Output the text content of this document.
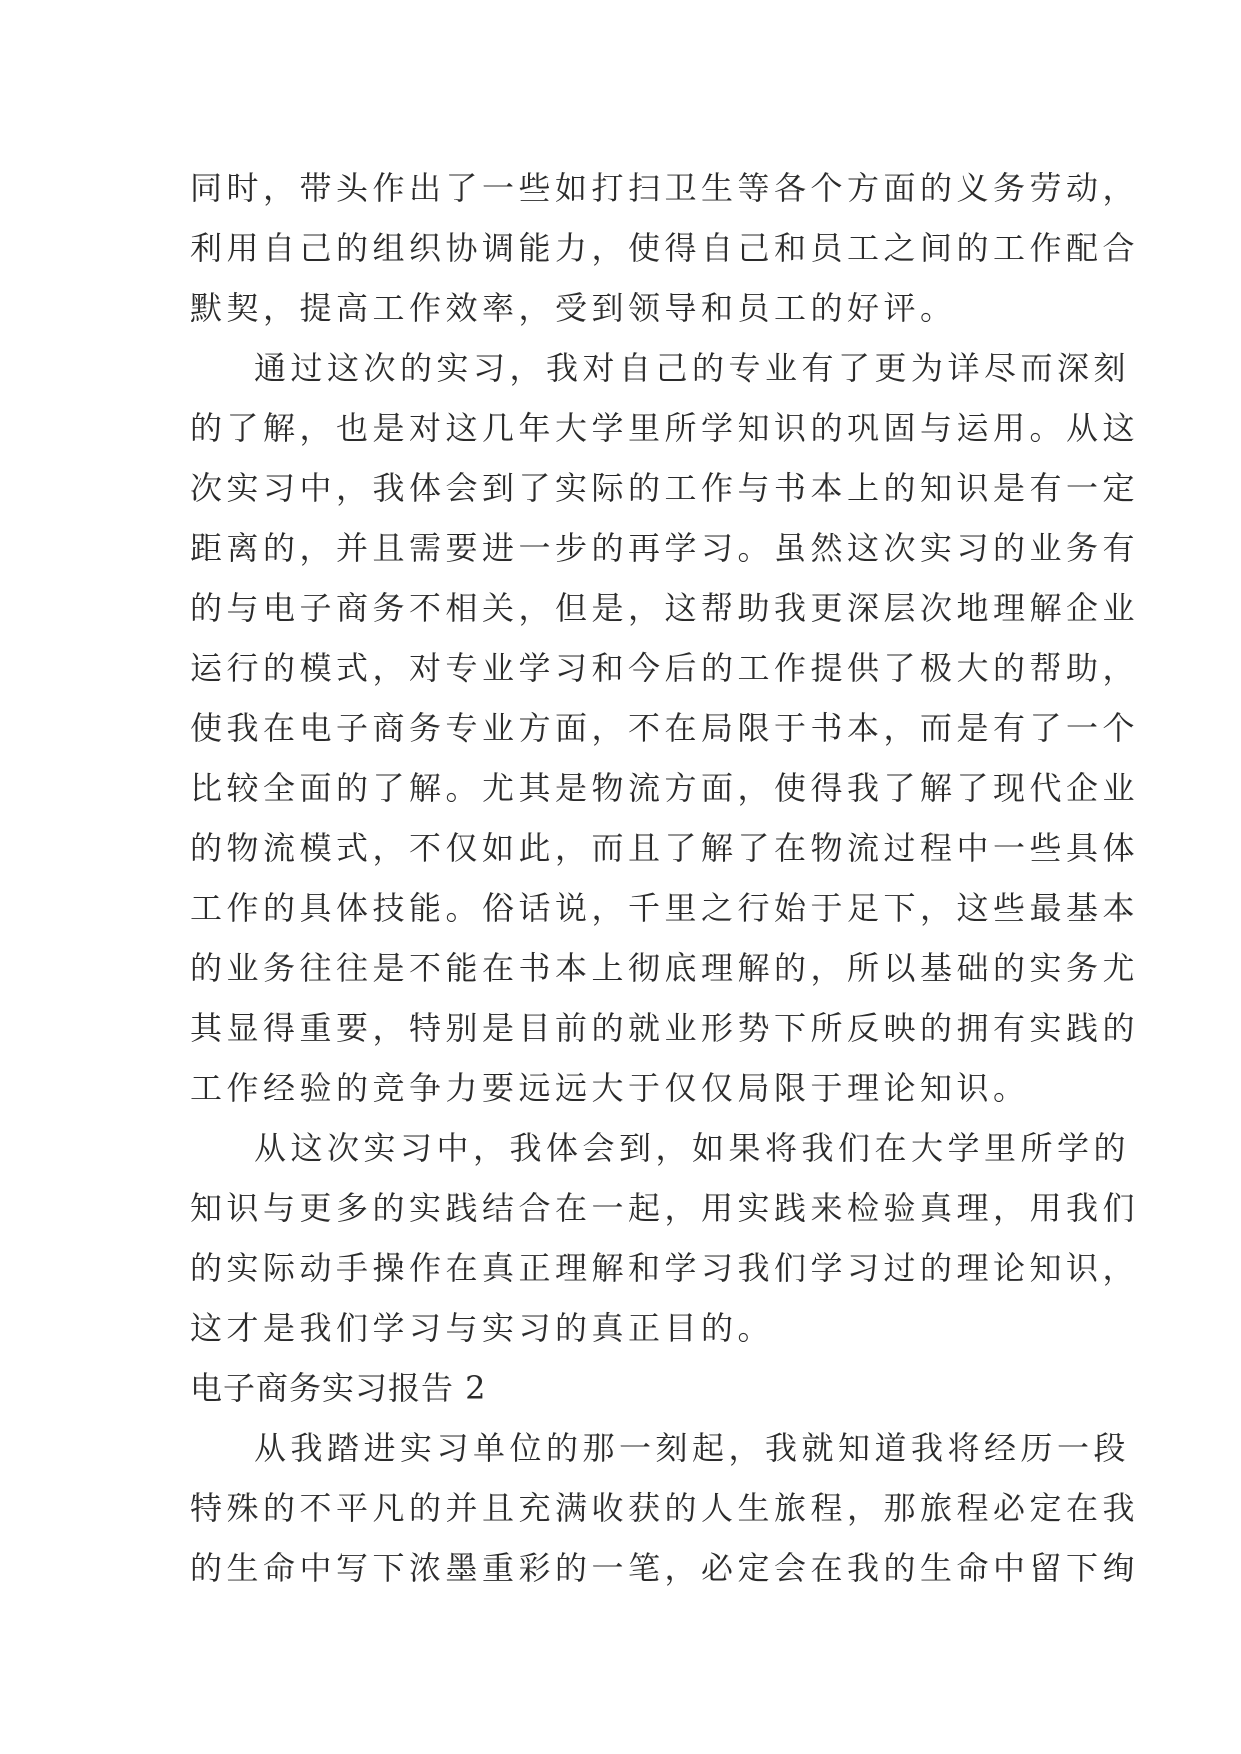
同时，带头作出了一些如打扫卫生等各个方面的义务劳动，
利用自己的组织协调能力，使得自己和员工之间的工作配合
默契，提高工作效率，受到领导和员工的好评。
通过这次的实习，我对自己的专业有了更为详尽而深刻
的了解，也是对这几年大学里所学知识的巩固与运用。从这
次实习中，我体会到了实际的工作与书本上的知识是有一定
距离的，并且需要进一步的再学习。虽然这次实习的业务有
的与电子商务不相关，但是，这帮助我更深层次地理解企业
运行的模式，对专业学习和今后的工作提供了极大的帮助，
使我在电子商务专业方面，不在局限于书本，而是有了一个
比较全面的了解。尤其是物流方面，使得我了解了现代企业
的物流模式，不仅如此，而且了解了在物流过程中一些具体
工作的具体技能。俗话说，千里之行始于足下，这些最基本
的业务往往是不能在书本上彻底理解的，所以基础的实务尤
其显得重要，特别是目前的就业形势下所反映的拥有实践的
工作经验的竞争力要远远大于仅仅局限于理论知识。
从这次实习中，我体会到，如果将我们在大学里所学的
知识与更多的实践结合在一起，用实践来检验真理，用我们
的实际动手操作在真正理解和学习我们学习过的理论知识，
这才是我们学习与实习的真正目的。
电子商务实习报告 2
从我踏进实习单位的那一刻起，我就知道我将经历一段
特殊的不平凡的并且充满收获的人生旅程，那旅程必定在我
的生命中写下浓墨重彩的一笔，必定会在我的生命中留下绚
